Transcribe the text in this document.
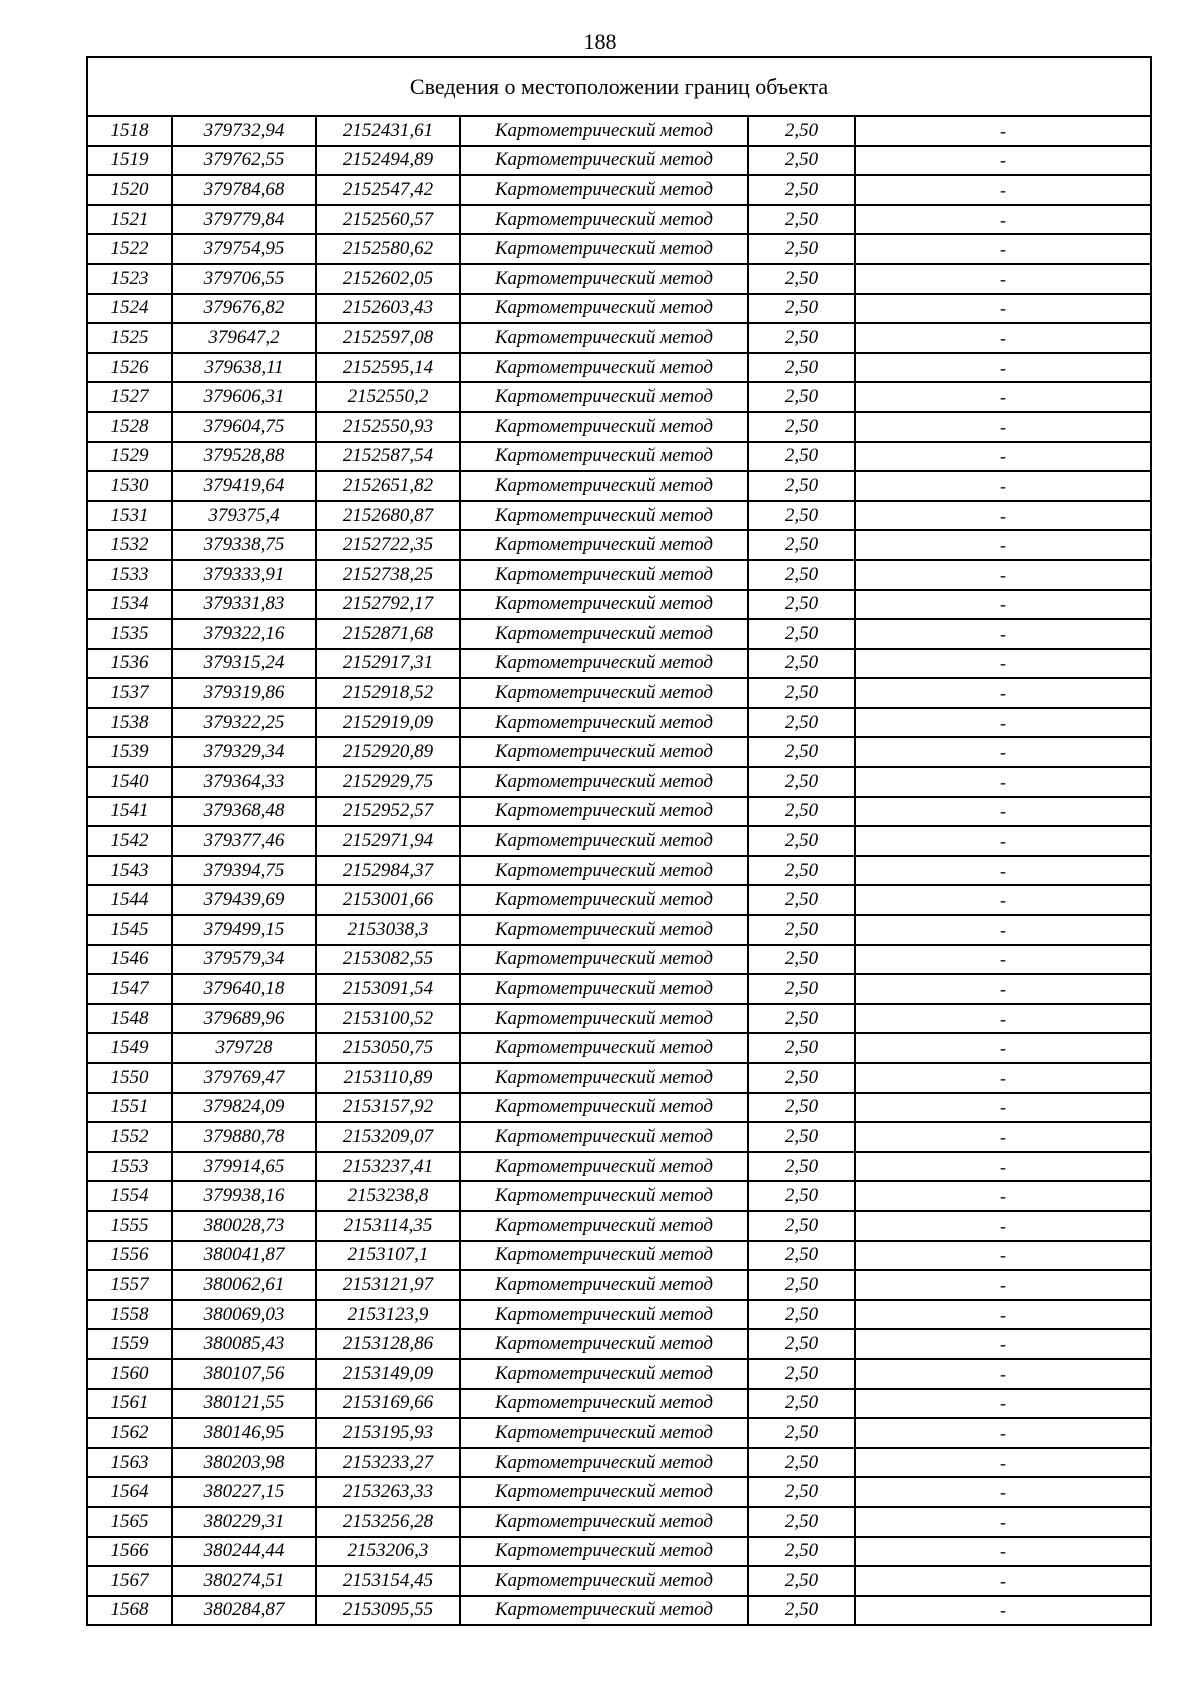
188
Сведения о местоположении границ объекта					
1518	379732,94	2152431,61	Картометрический метод	2,50	-
1519	379762,55	2152494,89	Картометрический метод	2,50	-
1520	379784,68	2152547,42	Картометрический метод	2,50	-
1521	379779,84	2152560,57	Картометрический метод	2,50	-
1522	379754,95	2152580,62	Картометрический метод	2,50	-
1523	379706,55	2152602,05	Картометрический метод	2,50	-
1524	379676,82	2152603,43	Картометрический метод	2,50	-
1525	379647,2	2152597,08	Картометрический метод	2,50	-
1526	379638,11	2152595,14	Картометрический метод	2,50	-
1527	379606,31	2152550,2	Картометрический метод	2,50	-
1528	379604,75	2152550,93	Картометрический метод	2,50	-
1529	379528,88	2152587,54	Картометрический метод	2,50	-
1530	379419,64	2152651,82	Картометрический метод	2,50	-
1531	379375,4	2152680,87	Картометрический метод	2,50	-
1532	379338,75	2152722,35	Картометрический метод	2,50	-
1533	379333,91	2152738,25	Картометрический метод	2,50	-
1534	379331,83	2152792,17	Картометрический метод	2,50	-
1535	379322,16	2152871,68	Картометрический метод	2,50	-
1536	379315,24	2152917,31	Картометрический метод	2,50	-
1537	379319,86	2152918,52	Картометрический метод	2,50	-
1538	379322,25	2152919,09	Картометрический метод	2,50	-
1539	379329,34	2152920,89	Картометрический метод	2,50	-
1540	379364,33	2152929,75	Картометрический метод	2,50	-
1541	379368,48	2152952,57	Картометрический метод	2,50	-
1542	379377,46	2152971,94	Картометрический метод	2,50	-
1543	379394,75	2152984,37	Картометрический метод	2,50	-
1544	379439,69	2153001,66	Картометрический метод	2,50	-
1545	379499,15	2153038,3	Картометрический метод	2,50	-
1546	379579,34	2153082,55	Картометрический метод	2,50	-
1547	379640,18	2153091,54	Картометрический метод	2,50	-
1548	379689,96	2153100,52	Картометрический метод	2,50	-
1549	379728	2153050,75	Картометрический метод	2,50	-
1550	379769,47	2153110,89	Картометрический метод	2,50	-
1551	379824,09	2153157,92	Картометрический метод	2,50	-
1552	379880,78	2153209,07	Картометрический метод	2,50	-
1553	379914,65	2153237,41	Картометрический метод	2,50	-
1554	379938,16	2153238,8	Картометрический метод	2,50	-
1555	380028,73	2153114,35	Картометрический метод	2,50	-
1556	380041,87	2153107,1	Картометрический метод	2,50	-
1557	380062,61	2153121,97	Картометрический метод	2,50	-
1558	380069,03	2153123,9	Картометрический метод	2,50	-
1559	380085,43	2153128,86	Картометрический метод	2,50	-
1560	380107,56	2153149,09	Картометрический метод	2,50	-
1561	380121,55	2153169,66	Картометрический метод	2,50	-
1562	380146,95	2153195,93	Картометрический метод	2,50	-
1563	380203,98	2153233,27	Картометрический метод	2,50	-
1564	380227,15	2153263,33	Картометрический метод	2,50	-
1565	380229,31	2153256,28	Картометрический метод	2,50	-
1566	380244,44	2153206,3	Картометрический метод	2,50	-
1567	380274,51	2153154,45	Картометрический метод	2,50	-
1568	380284,87	2153095,55	Картометрический метод	2,50	-
